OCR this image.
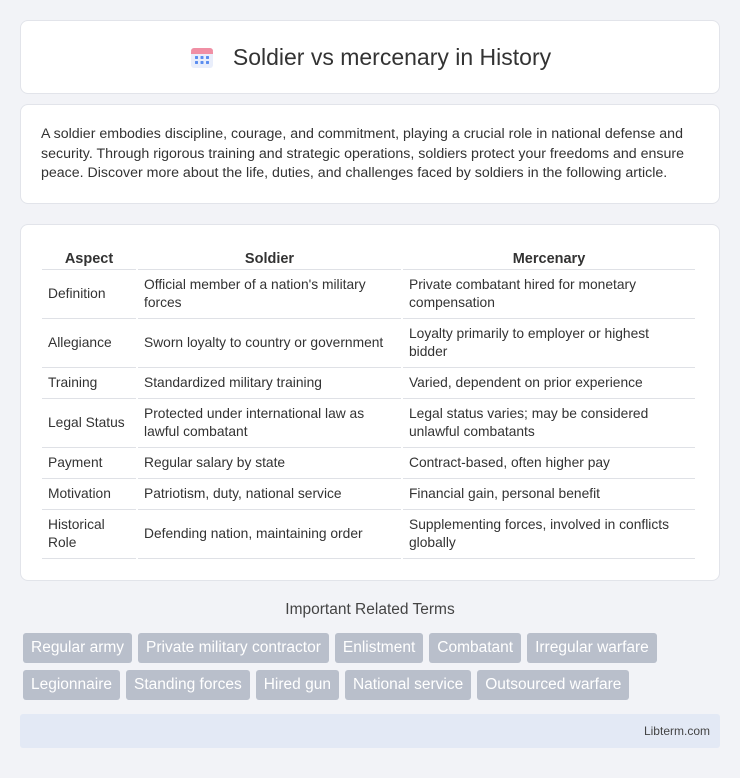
Soldier vs mercenary in History

A soldier embodies discipline, courage, and commitment, playing a crucial role in national defense and security. Through rigorous training and strategic operations, soldiers protect your freedoms and ensure peace. Discover more about the life, duties, and challenges faced by soldiers in the following article.

Aspect	Soldier	Mercenary
Definition	Official member of a nation's military forces	Private combatant hired for monetary compensation
Allegiance	Sworn loyalty to country or government	Loyalty primarily to employer or highest bidder
Training	Standardized military training	Varied, dependent on prior experience
Legal Status	Protected under international law as lawful combatant	Legal status varies; may be considered unlawful combatants
Payment	Regular salary by state	Contract-based, often higher pay
Motivation	Patriotism, duty, national service	Financial gain, personal benefit
Historical Role	Defending nation, maintaining order	Supplementing forces, involved in conflicts globally
Important Related Terms
Regular army	Private military contractor	Enlistment	Combatant	Irregular warfare
Legionnaire	Standing forces	Hired gun	National service	Outsourced warfare
Libterm.com
